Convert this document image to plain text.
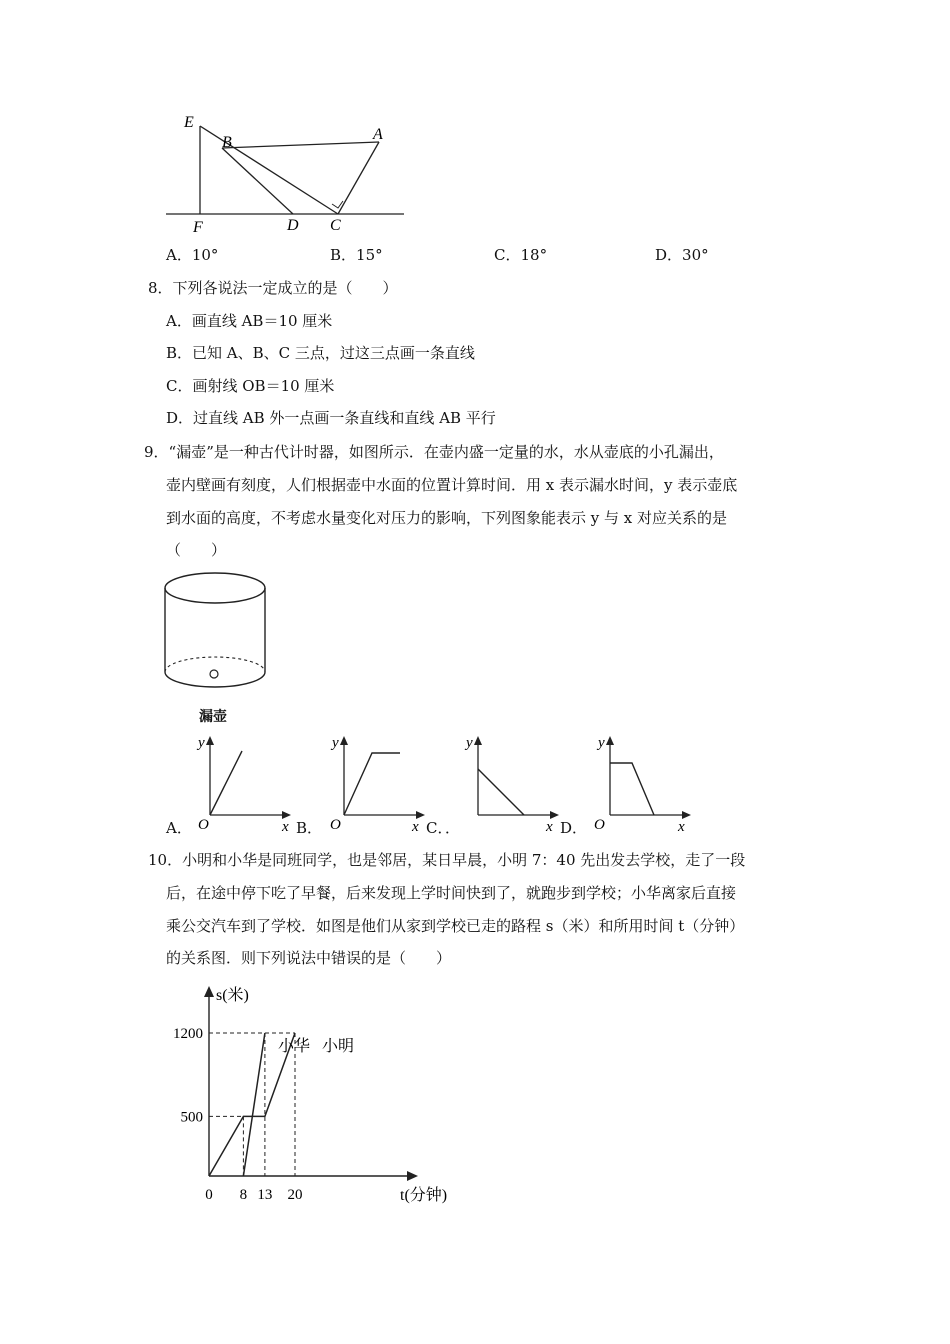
E
B	A
F	D C
A．10°	B．15°	C．18°	D．30°
8．下列各说法一定成立的是（　　）
A．画直线 AB＝10 厘米
B．已知 A、B、C 三点，过这三点画一条直线
C．画射线 OB＝10 厘米
D．过直线 AB 外一点画一条直线和直线 AB 平行
9．“漏壶”是一种古代计时器，如图所示．在壶内盛一定量的水，水从壶底的小孔漏出，
壶内壁画有刻度，人们根据壶中水面的位置计算时间．用 x 表示漏水时间，y 表示壶底
到水面的高度，不考虑水量变化对压力的影响，下列图象能表示 y 与 x 对应关系的是
（　　）
漏壶
y
x
O
y
x
O
y
x
y
x
O
A．	B．	C．．	D．
10．小明和小华是同班同学，也是邻居，某日早晨，小明 7：40 先出发去学校，走了一段
后，在途中停下吃了早餐，后来发现上学时间快到了，就跑步到学校；小华离家后直接
乘公交汽车到了学校．如图是他们从家到学校已走的路程 s（米）和所用时间 t（分钟）
的关系图．则下列说法中错误的是（　　）
0 8 13 20
500
1200
s(米)
t(分钟)
小华 小明
